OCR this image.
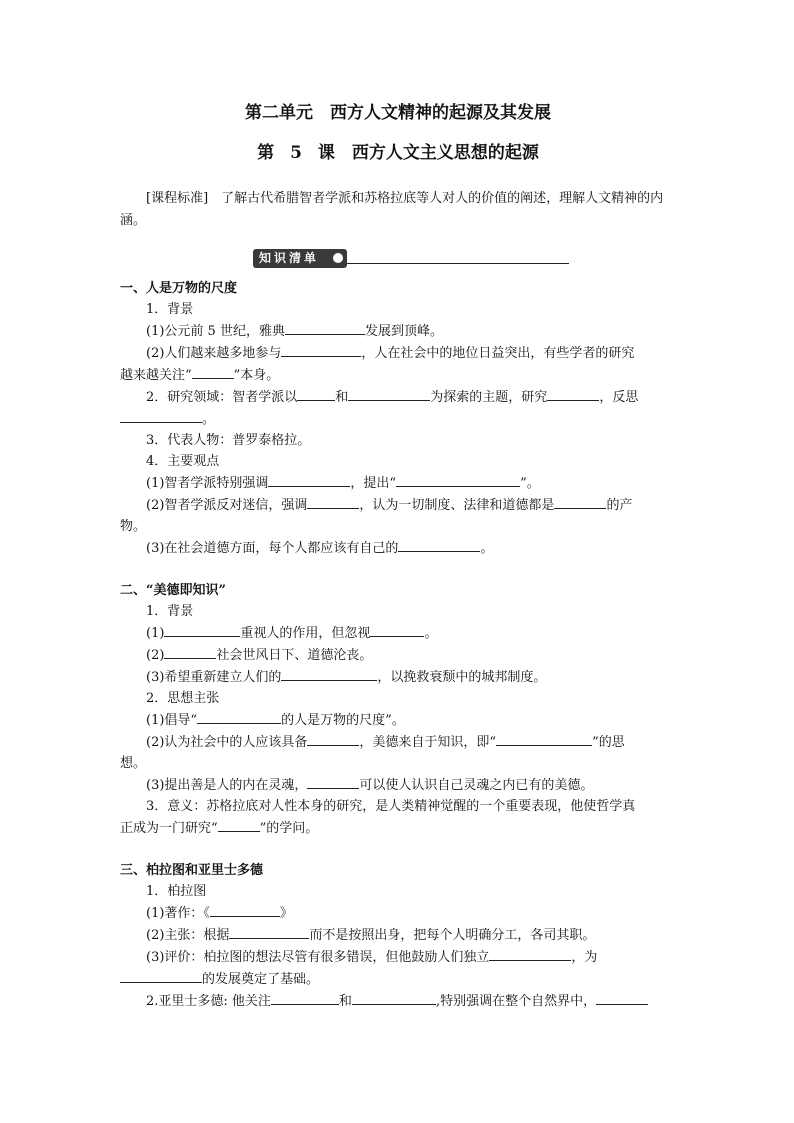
第二单元　西方人文精神的起源及其发展
第 5 课　西方人文主义思想的起源
[课程标准]　了解古代希腊智者学派和苏格拉底等人对人的价值的阐述，理解人文精神的内涵。
知识清单
一、人是万物的尺度
1．背景
(1)公元前 5 世纪，雅典	发展到顶峰。
(2)人们越来越多地参与	，人在社会中的地位日益突出，有些学者的研究
越来越关注“	”本身。
2．研究领域：智者学派以	和	为探索的主题，研究	，反思
。
3．代表人物：普罗泰格拉。
4．主要观点
(1)智者学派特别强调	，提出“	”。
(2)智者学派反对迷信，强调	，认为一切制度、法律和道德都是	的产
物。
(3)在社会道德方面，每个人都应该有自己的	。
二、“美德即知识”
1．背景
(1)	重视人的作用，但忽视	。
(2)	社会世风日下、道德沦丧。
(3)希望重新建立人们的	，以挽救衰颓中的城邦制度。
2．思想主张
(1)倡导“	的人是万物的尺度”。
(2)认为社会中的人应该具备	，美德来自于知识，即“	”的思
想。
(3)提出善是人的内在灵魂，	可以使人认识自己灵魂之内已有的美德。
3．意义：苏格拉底对人性本身的研究，是人类精神觉醒的一个重要表现，他使哲学真
正成为一门研究“	”的学问。
三、柏拉图和亚里士多德
1．柏拉图
(1)著作：《	》
(2)主张：根据	而不是按照出身，把每个人明确分工，各司其职。
(3)评价：柏拉图的想法尽管有很多错误，但他鼓励人们独立	，为
的发展奠定了基础。
2.亚里士多德: 他关注	和	,特别强调在整个自然界中，
